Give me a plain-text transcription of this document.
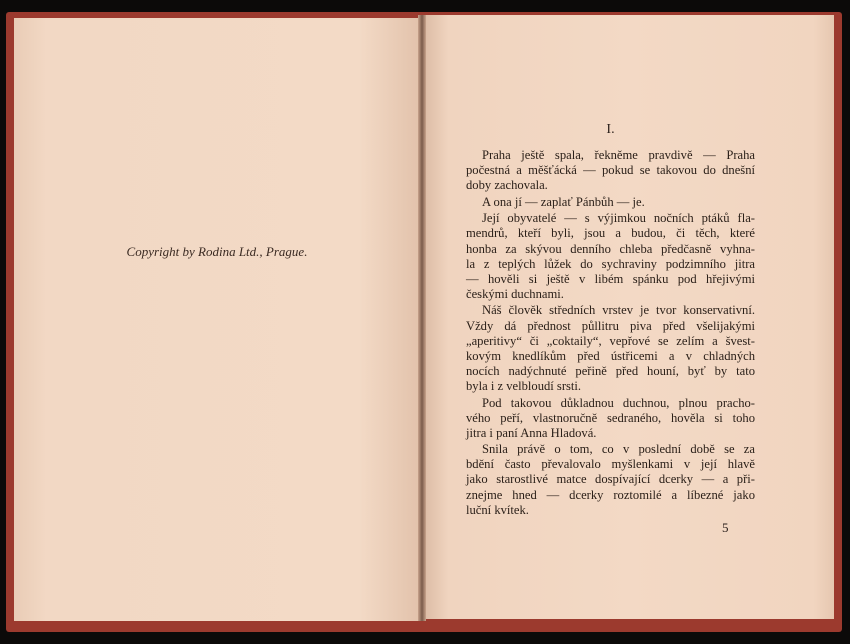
Copyright by Rodina Ltd., Prague.
I.
Praha ještě spala, řekněme pravdivě — Praha
počestná a měšťácká — pokud se takovou do dnešní
doby zachovala.
A ona jí — zaplať Pánbůh — je.
Její obyvatelé — s výjimkou nočních ptáků fla-
mendrů, kteří byli, jsou a budou, či těch, které
honba za skývou denního chleba předčasně vyhna-
la z teplých lůžek do sychraviny podzimního jitra
— hověli si ještě v libém spánku pod hřejivými
českými duchnami.
Náš člověk středních vrstev je tvor konservativní.
Vždy dá přednost půllitru piva před všelijakými
„aperitivy“ či „coktaily“, vepřové se zelím a švest-
kovým knedlíkům před ústřicemi a v chladných
nocích nadýchnuté peřině před houní, byť by tato
byla i z velbloudí srsti.
Pod takovou důkladnou duchnou, plnou pracho-
vého peří, vlastnoručně sedraného, hověla si toho
jitra i paní Anna Hladová.
Snila právě o tom, co v poslední době se za
bdění často převalovalo myšlenkami v její hlavě
jako starostlivé matce dospívající dcerky — a při-
znejme hned — dcerky roztomilé a líbezné jako
luční kvítek.
5
